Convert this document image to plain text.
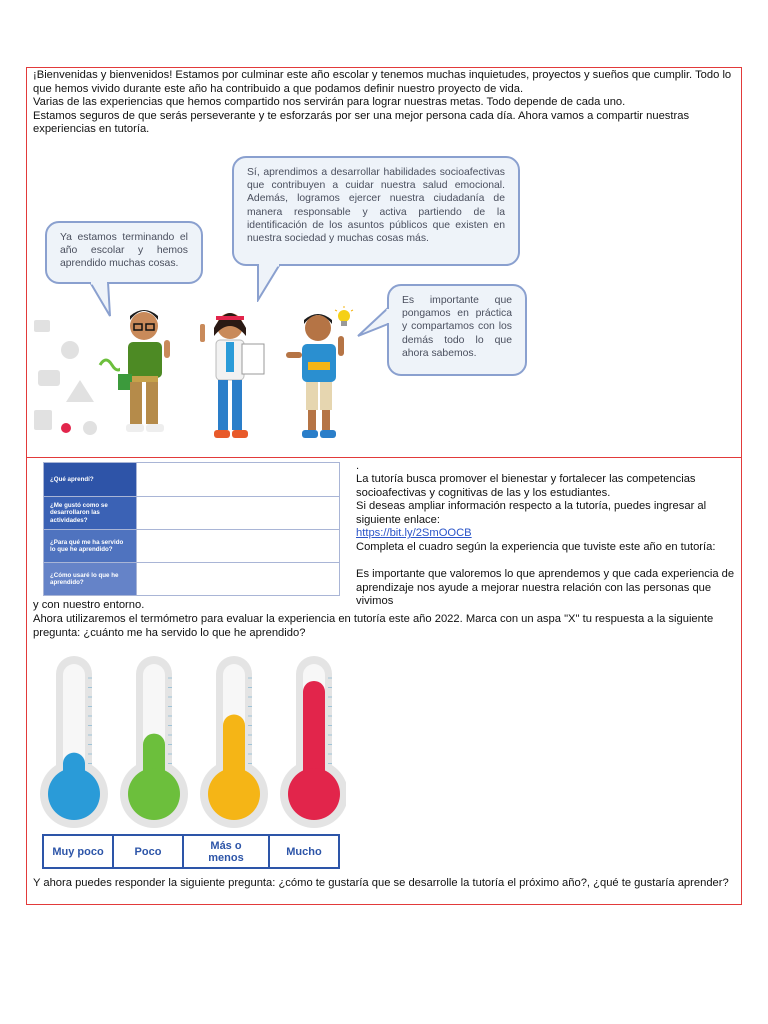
¡Bienvenidas y bienvenidos! Estamos por culminar este año escolar y tenemos muchas inquietudes, proyectos y sueños que cumplir. Todo lo que hemos vivido durante este año ha contribuido a que podamos definir nuestro proyecto de vida.
Varias de las experiencias que hemos compartido nos servirán para lograr nuestras metas. Todo depende de cada uno.
Estamos seguros de que serás perseverante y te esforzarás por ser una mejor persona cada día. Ahora vamos a compartir nuestras experiencias en tutoría.
Ya estamos terminando el año escolar y hemos aprendido muchas cosas.
Sí, aprendimos a desarrollar habilidades socioafectivas que contribuyen a cuidar nuestra salud emocional. Además, logramos ejercer nuestra ciudadanía de manera responsable y activa partiendo de la identificación de los asuntos públicos que existen en nuestra sociedad y muchas cosas más.
Es importante que pongamos en práctica y compartamos con los demás todo lo que ahora sabemos.
¿Qué aprendí?	
¿Me gustó como se desarrollaron las actividades?	
¿Para qué me ha servido lo que he aprendido?	
¿Cómo usaré lo que he aprendido?	
.
La tutoría busca promover el bienestar y fortalecer las competencias socioafectivas y cognitivas de las y los estudiantes.
Si deseas ampliar información respecto a la tutoría, puedes ingresar al siguiente enlace:
https://bit.ly/2SmOOCB
Completa el cuadro según la experiencia que tuviste este año en tutoría:
Es importante que valoremos lo que aprendemos y que cada experiencia de aprendizaje nos ayude a mejorar nuestra relación con las personas que vivimos
y con nuestro entorno.
Ahora utilizaremos el termómetro para evaluar la experiencia en tutoría este año 2022. Marca con un aspa "X" tu respuesta a la siguiente pregunta: ¿cuánto me ha servido lo que he aprendido?
Muy poco	Poco	Más o menos	Mucho
Y ahora puedes responder la siguiente pregunta: ¿cómo te gustaría que se desarrolle la tutoría el próximo año?, ¿qué te gustaría aprender?
